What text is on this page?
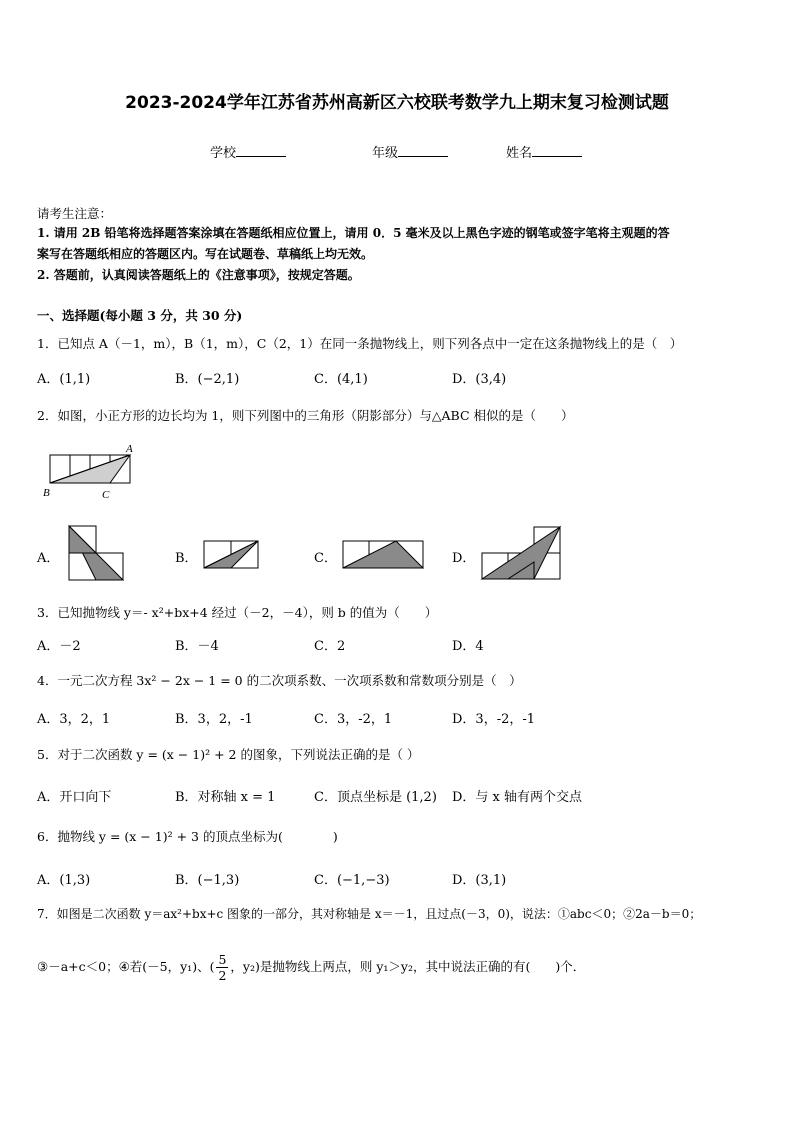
2023-2024学年江苏省苏州高新区六校联考数学九上期末复习检测试题
学校	年级	姓名
请考生注意：
1. 请用 2B 铅笔将选择题答案涂填在答题纸相应位置上，请用 0．5 毫米及以上黑色字迹的钢笔或签字笔将主观题的答
案写在答题纸相应的答题区内。写在试题卷、草稿纸上均无效。
2. 答题前，认真阅读答题纸上的《注意事项》，按规定答题。
一、选择题(每小题 3 分，共 30 分)
1．已知点 A（－1，m），B（1，m），C（2，1）在同一条抛物线上，则下列各点中一定在这条抛物线上的是（　）
A．(1,1)	B．(−2,1)	C．(4,1)	D．(3,4)
2．如图，小正方形的边长均为 1，则下列图中的三角形（阴影部分）与△ABC 相似的是（　　）
A
B	C
A．	B．	C．	D．
3．已知抛物线 y＝- x²+bx+4 经过（－2，－4），则 b 的值为（　　）
A．－2	B．－4	C．2	D．4
4．一元二次方程 3x² − 2x − 1 = 0 的二次项系数、一次项系数和常数项分别是（　）
A．3，2，1	B．3，2，-1	C．3，-2，1	D．3，-2，-1
5．对于二次函数 y = (x − 1)² + 2 的图象，下列说法正确的是（ ）
A．开口向下	B．对称轴 x = 1	C．顶点坐标是 (1,2) D．与 x 轴有两个交点
6．抛物线 y = (x − 1)² + 3 的顶点坐标为(　　　　)
A．(1,3)	B．(−1,3)	C．(−1,−3)	D．(3,1)
7．如图是二次函数 y＝ax²+bx+c 图象的一部分，其对称轴是 x＝－1，且过点(－3，0)，说法：①abc＜0；②2a－b＝0；
③－a+c＜0；④若(－5，y₁)、( $\frac{5}{2}$ ，y₂)是抛物线上两点，则 y₁＞y₂，其中说法正确的有(　　)个．
